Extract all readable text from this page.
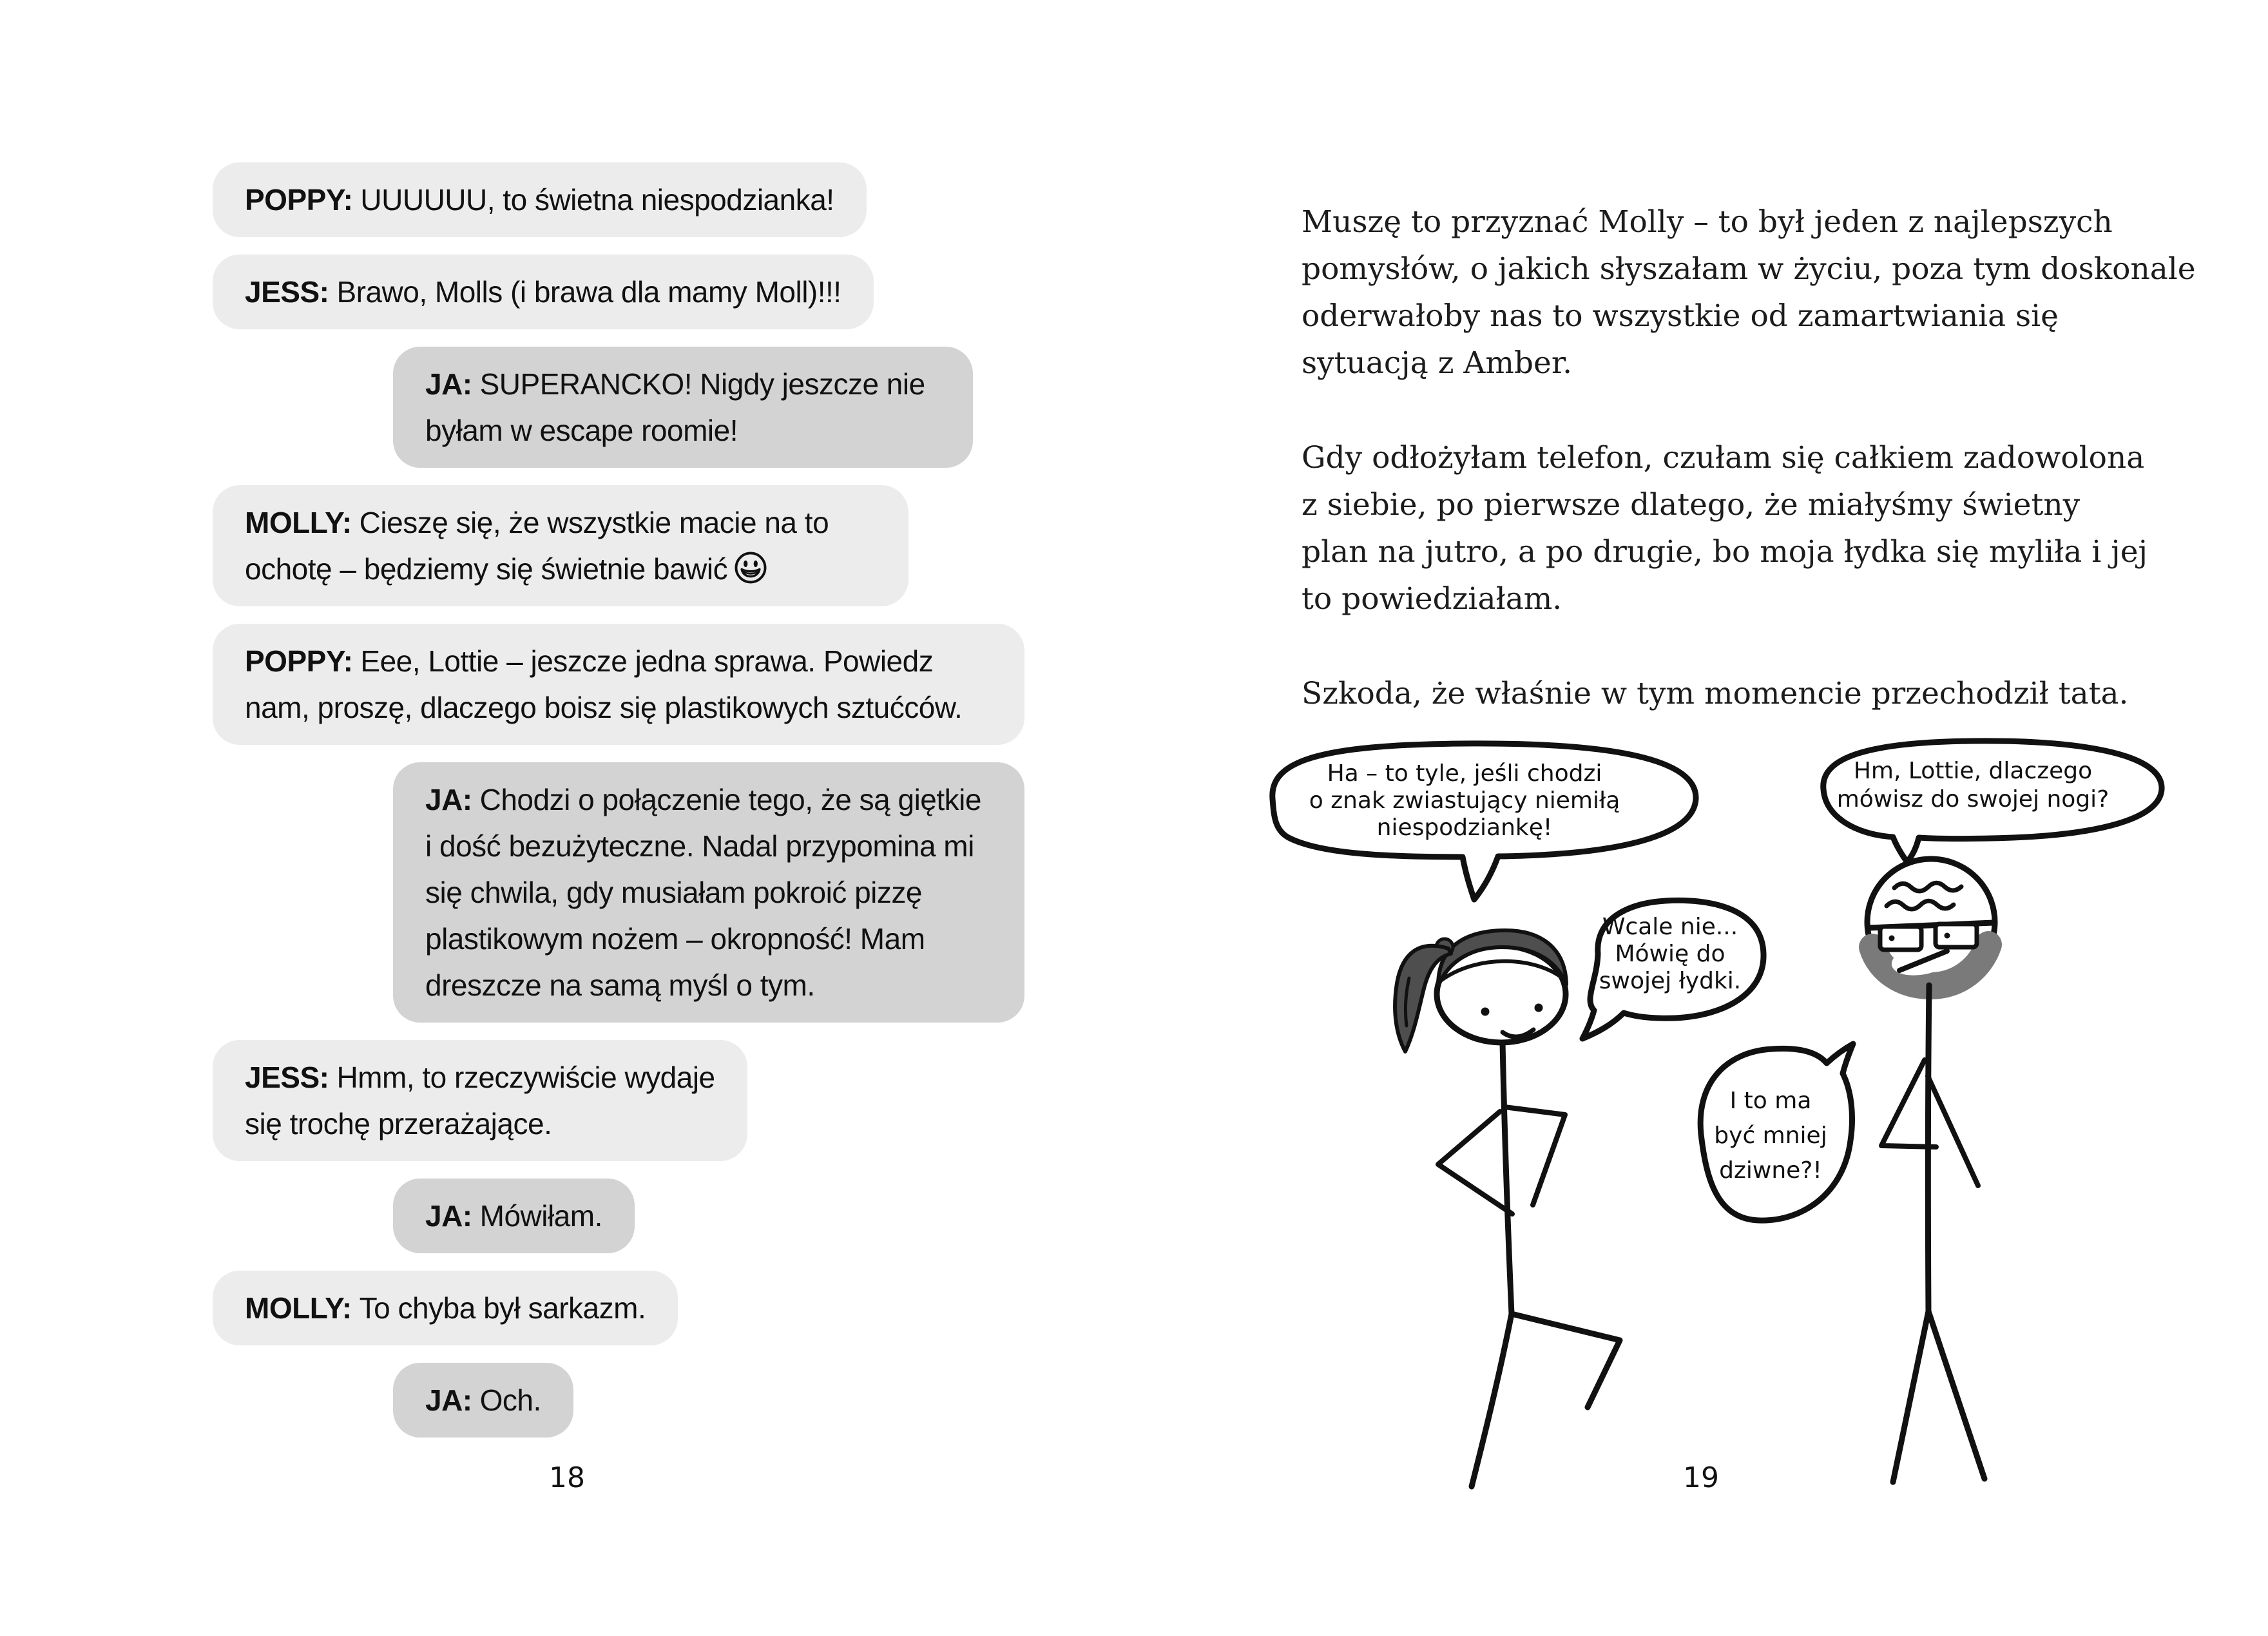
POPPY: UUUUUU, to świetna niespodzianka!
JESS: Brawo, Molls (i brawa dla mamy Moll)!!!
JA: SUPERANCKO! Nigdy jeszcze nie byłam w escape roomie!
MOLLY: Cieszę się, że wszystkie macie na to ochotę – będziemy się świetnie bawić
POPPY: Eee, Lottie – jeszcze jedna sprawa. Powiedz nam, proszę, dlaczego boisz się plastikowych sztućców.
JA: Chodzi o połączenie tego, że są giętkie i dość bezużyteczne. Nadal przypomina mi się chwila, gdy musiałam pokroić pizzę plastikowym nożem – okropność! Mam dreszcze na samą myśl o tym.
JESS: Hmm, to rzeczywiście wydaje się trochę przerażające.
JA: Mówiłam.
MOLLY: To chyba był sarkazm.
JA: Och.
18
Muszę to przyznać Molly – to był jeden z najlepszych
pomysłów, o jakich słyszałam w życiu, poza tym doskonale
oderwałoby nas to wszystkie od zamartwiania się
sytuacją z Amber.
Gdy odłożyłam telefon, czułam się całkiem zadowolona
z siebie, po pierwsze dlatego, że miałyśmy świetny
plan na jutro, a po drugie, bo moja łydka się myliła i jej
to powiedziałam.
Szkoda, że właśnie w tym momencie przechodził tata.
Ha – to tyle, jeśli chodzi
o znak zwiastujący niemiłą
niespodziankę!
Hm, Lottie, dlaczego
mówisz do swojej nogi?
Wcale nie...
Mówię do
swojej łydki.
I to ma
być mniej
dziwne?!
19
